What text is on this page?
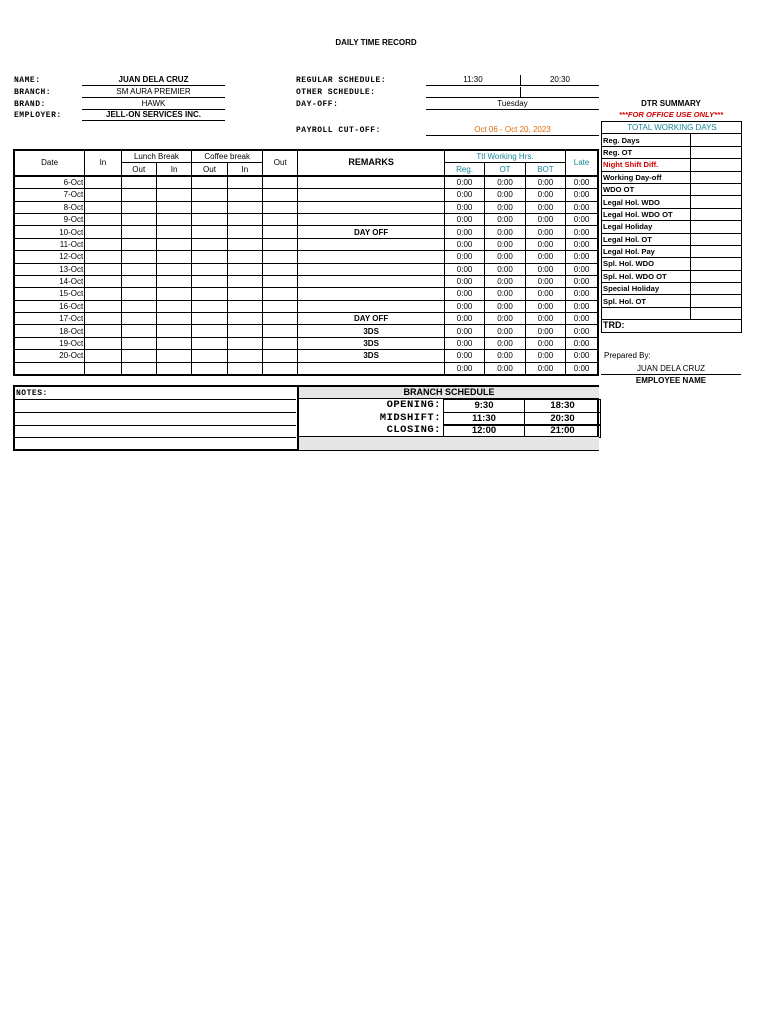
DAILY TIME RECORD
NAME:	JUAN DELA CRUZ
BRANCH:	SM AURA PREMIER
BRAND:	HAWK
EMPLOYER:	JELL-ON SERVICES INC.
REGULAR SCHEDULE:	11:30	20:30
OTHER SCHEDULE:
DAY-OFF:	Tuesday
PAYROLL CUT-OFF:	Oct 06 - Oct 20, 2023
DTR SUMMARY
***FOR OFFICE USE ONLY***
Date	In	Lunch Break		Coffee break		Out	REMARKS	Ttl Working Hrs.			Late
		Out	In	Out	In			Reg.	OT	BOT	
6-Oct								0:00	0:00	0:00	0:00
7-Oct								0:00	0:00	0:00	0:00
8-Oct								0:00	0:00	0:00	0:00
9-Oct								0:00	0:00	0:00	0:00
10-Oct							DAY OFF	0:00	0:00	0:00	0:00
11-Oct								0:00	0:00	0:00	0:00
12-Oct								0:00	0:00	0:00	0:00
13-Oct								0:00	0:00	0:00	0:00
14-Oct								0:00	0:00	0:00	0:00
15-Oct								0:00	0:00	0:00	0:00
16-Oct								0:00	0:00	0:00	0:00
17-Oct							DAY OFF	0:00	0:00	0:00	0:00
18-Oct							3DS	0:00	0:00	0:00	0:00
19-Oct							3DS	0:00	0:00	0:00	0:00
20-Oct							3DS	0:00	0:00	0:00	0:00
								0:00	0:00	0:00	0:00
TOTAL WORKING DAYS	
Reg. Days	
Reg. OT	
Night Shift Diff.	
Working Day-off	
WDO OT	
Legal Hol. WDO	
Legal Hol. WDO OT	
Legal Holiday	
Legal Hol. OT	
Legal Hol. Pay	
Spl. Hol. WDO	
Spl. Hol. WDO OT	
Special Holiday	
Spl. Hol. OT	

TRD:	
Prepared By:
JUAN DELA CRUZ
EMPLOYEE NAME
NOTES:	BRANCH SCHEDULE
OPENING:	9:30	18:30
MIDSHIFT:	11:30	20:30
CLOSING:	12:00	21:00
